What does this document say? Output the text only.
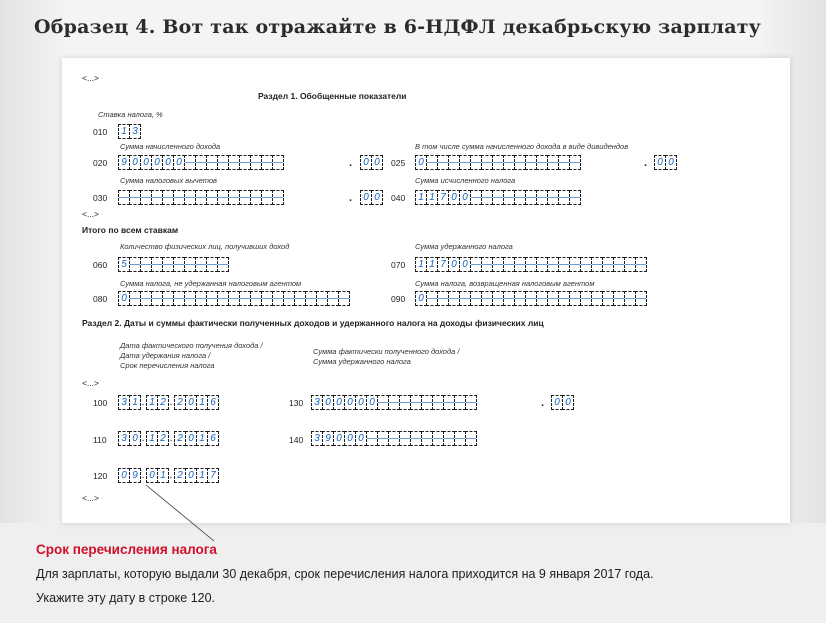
Образец 4. Вот так отражайте в 6-НДФЛ декабрьскую зарплату
<...>
Раздел 1. Обобщенные показатели
Ставка налога, %
010	1 3
Сумма начисленного дохода
020	9 0 0 0 0 0 — — — — — — — — —	.	0 0
В том числе сумма начисленного дохода в виде дивидендов
025	0 — — — — — — — — — — — — — —	.	0 0
Сумма налоговых вычетов
030 — — — — — — — — — — — — — — —	.	0 0
Сумма исчисленного налога
040	1 1 7 0 0 — — — — — — — — — —
<...>
Итого по всем ставкам
Количество физических лиц, получивших доход
060	5 — — — — — — — — —
Сумма удержанного налога
070	1 1 7 0 0 — — — — — — — — — — — — — — — —
Сумма налога, не удержанная налоговым агентом
080	0 — — — — — — — — — — — — — — — — — — — —
Сумма налога, возвращенная налоговым агентом
090	0 — — — — — — — — — — — — — — — — — — — —
Раздел 2. Даты и суммы фактически полученных доходов и удержанного налога на доходы физических лиц
Дата фактического получения дохода /
Дата удержания налога /
Срок перечисления налога
Сумма фактически полученного дохода /
Сумма удержанного налога
<...>
100	3 1 . 1 2 . 2 0 1 6	130	3 0 0 0 0 0 — — — — — — — — —	.	0 0
110	3 0 . 1 2 . 2 0 1 6	140	3 9 0 0 0 — — — — — — — — — —
120	0 9 . 0 1 . 2 0 1 7
<...>
Срок перечисления налога
Для зарплаты, которую выдали 30 декабря, срок перечисления налога приходится на 9 января 2017 года.
Укажите эту дату в строке 120.
